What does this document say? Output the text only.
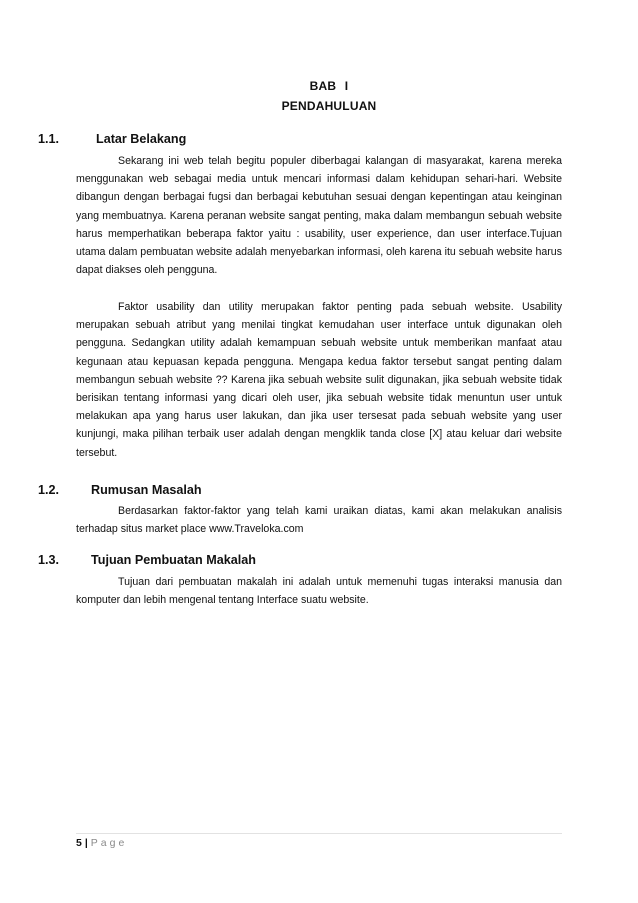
BAB I
PENDAHULUAN
1.1.	Latar Belakang

Sekarang ini web telah begitu populer diberbagai kalangan di masyarakat, karena mereka menggunakan web sebagai media untuk mencari informasi dalam kehidupan sehari-hari. Website dibangun dengan berbagai fugsi dan berbagai kebutuhan sesuai dengan kepentingan atau keinginan yang membuatnya. Karena peranan website sangat penting, maka dalam membangun sebuah website harus memperhatikan beberapa faktor yaitu : usability, user experience, dan user interface.Tujuan utama dalam pembuatan website adalah menyebarkan informasi, oleh karena itu sebuah website harus dapat diakses oleh pengguna.

Faktor usability dan utility merupakan faktor penting pada sebuah website. Usability merupakan sebuah atribut yang menilai tingkat kemudahan user interface untuk digunakan oleh pengguna. Sedangkan utility adalah kemampuan sebuah website untuk memberikan manfaat atau kegunaan atau kepuasan kepada pengguna. Mengapa kedua faktor tersebut sangat penting dalam membangun sebuah website ?? Karena jika sebuah website sulit digunakan, jika sebuah website tidak berisikan tentang informasi yang dicari oleh user, jika sebuah website tidak menuntun user untuk melakukan apa yang harus user lakukan, dan jika user tersesat pada sebuah website yang user kunjungi, maka pilihan terbaik user adalah dengan mengklik tanda close [X] atau keluar dari website tersebut.

1.2.	Rumusan Masalah

Berdasarkan faktor-faktor yang telah kami uraikan diatas, kami akan melakukan analisis terhadap situs market place www.Traveloka.com

1.3.	Tujuan Pembuatan Makalah

Tujuan dari pembuatan makalah ini adalah untuk memenuhi tugas interaksi manusia dan komputer dan lebih mengenal tentang Interface suatu website.

5 | Page
